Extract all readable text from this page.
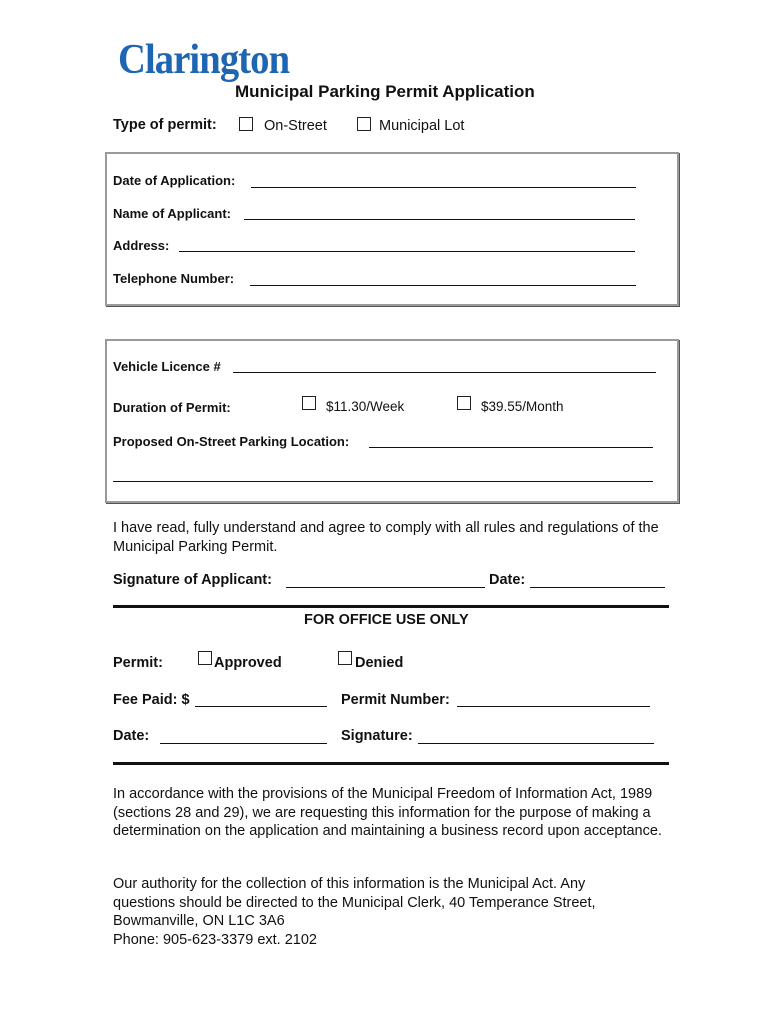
Clarington
Municipal Parking Permit Application
Type of permit:	On-Street	Municipal Lot
Date of Application:
Name of Applicant:
Address:
Telephone Number:
Vehicle Licence #
Duration of Permit:	$11.30/Week	$39.55/Month
Proposed On-Street Parking Location:
I have read, fully understand and agree to comply with all rules and regulations of the Municipal Parking Permit.
Signature of Applicant:	Date:
FOR OFFICE USE ONLY
Permit:	Approved	Denied
Fee Paid: $	Permit Number:
Date:	Signature:
In accordance with the provisions of the Municipal Freedom of Information Act, 1989 (sections 28 and 29), we are requesting this information for the purpose of making a determination on the application and maintaining a business record upon acceptance.
Our authority for the collection of this information is the Municipal Act. Any
questions should be directed to the Municipal Clerk, 40 Temperance Street,
Bowmanville, ON L1C 3A6
Phone: 905-623-3379 ext. 2102
